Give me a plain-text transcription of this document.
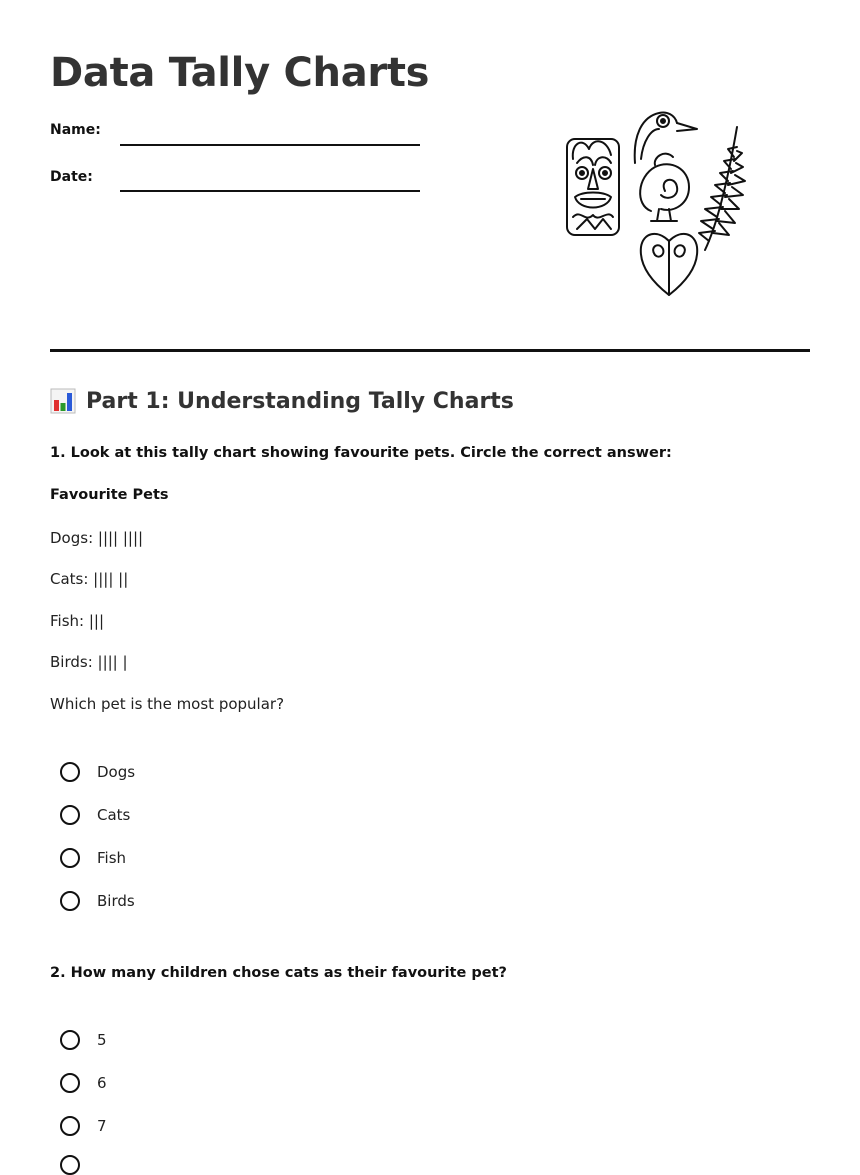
Data Tally Charts
Name:
Date:
Part 1: Understanding Tally Charts
1. Look at this tally chart showing favourite pets. Circle the correct answer:
Favourite Pets
Dogs: |||| ||||
Cats: |||| ||
Fish: |||
Birds: |||| |
Which pet is the most popular?
Dogs
Cats
Fish
Birds
2. How many children chose cats as their favourite pet?
5
6
7
